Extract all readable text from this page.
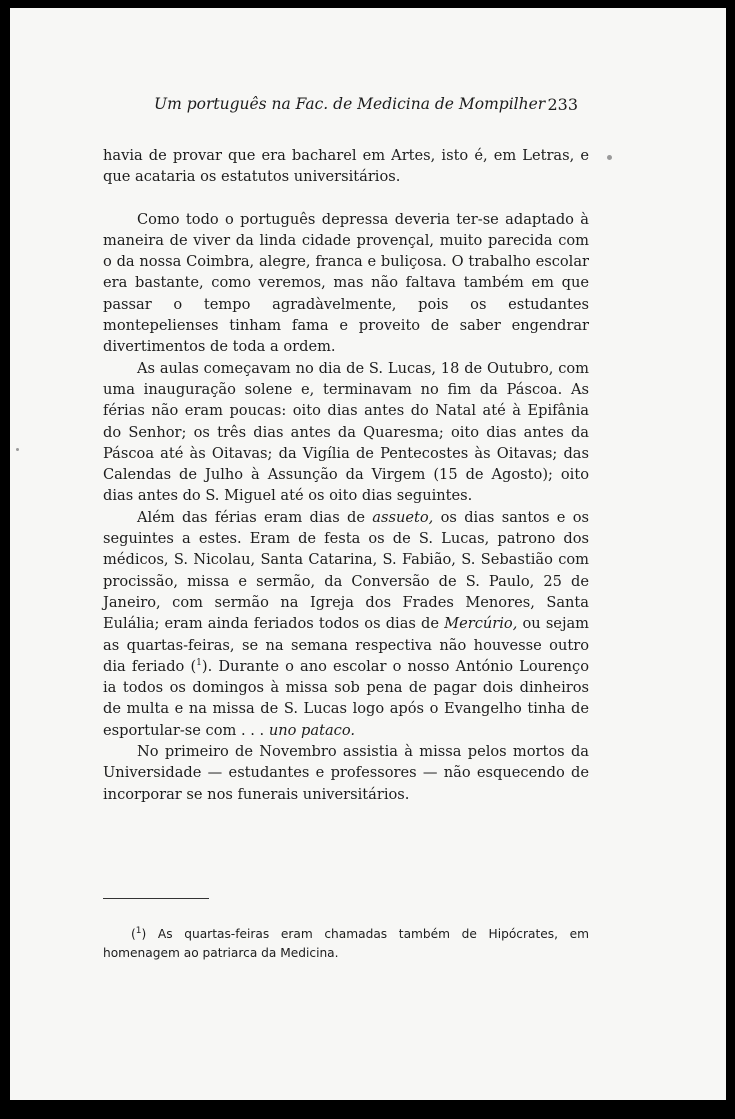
Um português na Fac. de Medicina de Mompilher 233

havia de provar que era bacharel em Artes, isto é, em Letras, e que acataria os estatutos universitários.

Como todo o português depressa deveria ter-se adaptado à maneira de viver da linda cidade provençal, muito parecida com o da nossa Coimbra, alegre, franca e buliçosa. O trabalho escolar era bastante, como veremos, mas não faltava também em que passar o tempo agradàvelmente, pois os estudantes montepelienses tinham fama e proveito de saber engendrar divertimentos de toda a ordem.

As aulas começavam no dia de S. Lucas, 18 de Outubro, com uma inauguração solene e, terminavam no fim da Páscoa. As férias não eram poucas: oito dias antes do Natal até à Epifânia do Senhor; os três dias antes da Quaresma; oito dias antes da Páscoa até às Oitavas; da Vigília de Pentecostes às Oitavas; das Calendas de Julho à Assunção da Virgem (15 de Agosto); oito dias antes do S. Miguel até os oito dias seguintes.

Além das férias eram dias de assueto, os dias santos e os seguintes a estes. Eram de festa os de S. Lucas, patrono dos médicos, S. Nicolau, Santa Catarina, S. Fabião, S. Sebastião com procissão, missa e sermão, da Conversão de S. Paulo, 25 de Janeiro, com sermão na Igreja dos Frades Menores, Santa Eulália; eram ainda feriados todos os dias de Mercúrio, ou sejam as quartas-feiras, se na semana respectiva não houvesse outro dia feriado ($^1$). Durante o ano escolar o nosso António Lourenço ia todos os domingos à missa sob pena de pagar dois dinheiros de multa e na missa de S. Lucas logo após o Evangelho tinha de esportular-se com . . . uno pataco.

No primeiro de Novembro assistia à missa pelos mortos da Universidade — estudantes e professores — não esquecendo de incorporar se nos funerais universitários.

($^1$) As quartas-feiras eram chamadas também de Hipócrates, em homenagem ao patriarca da Medicina.
